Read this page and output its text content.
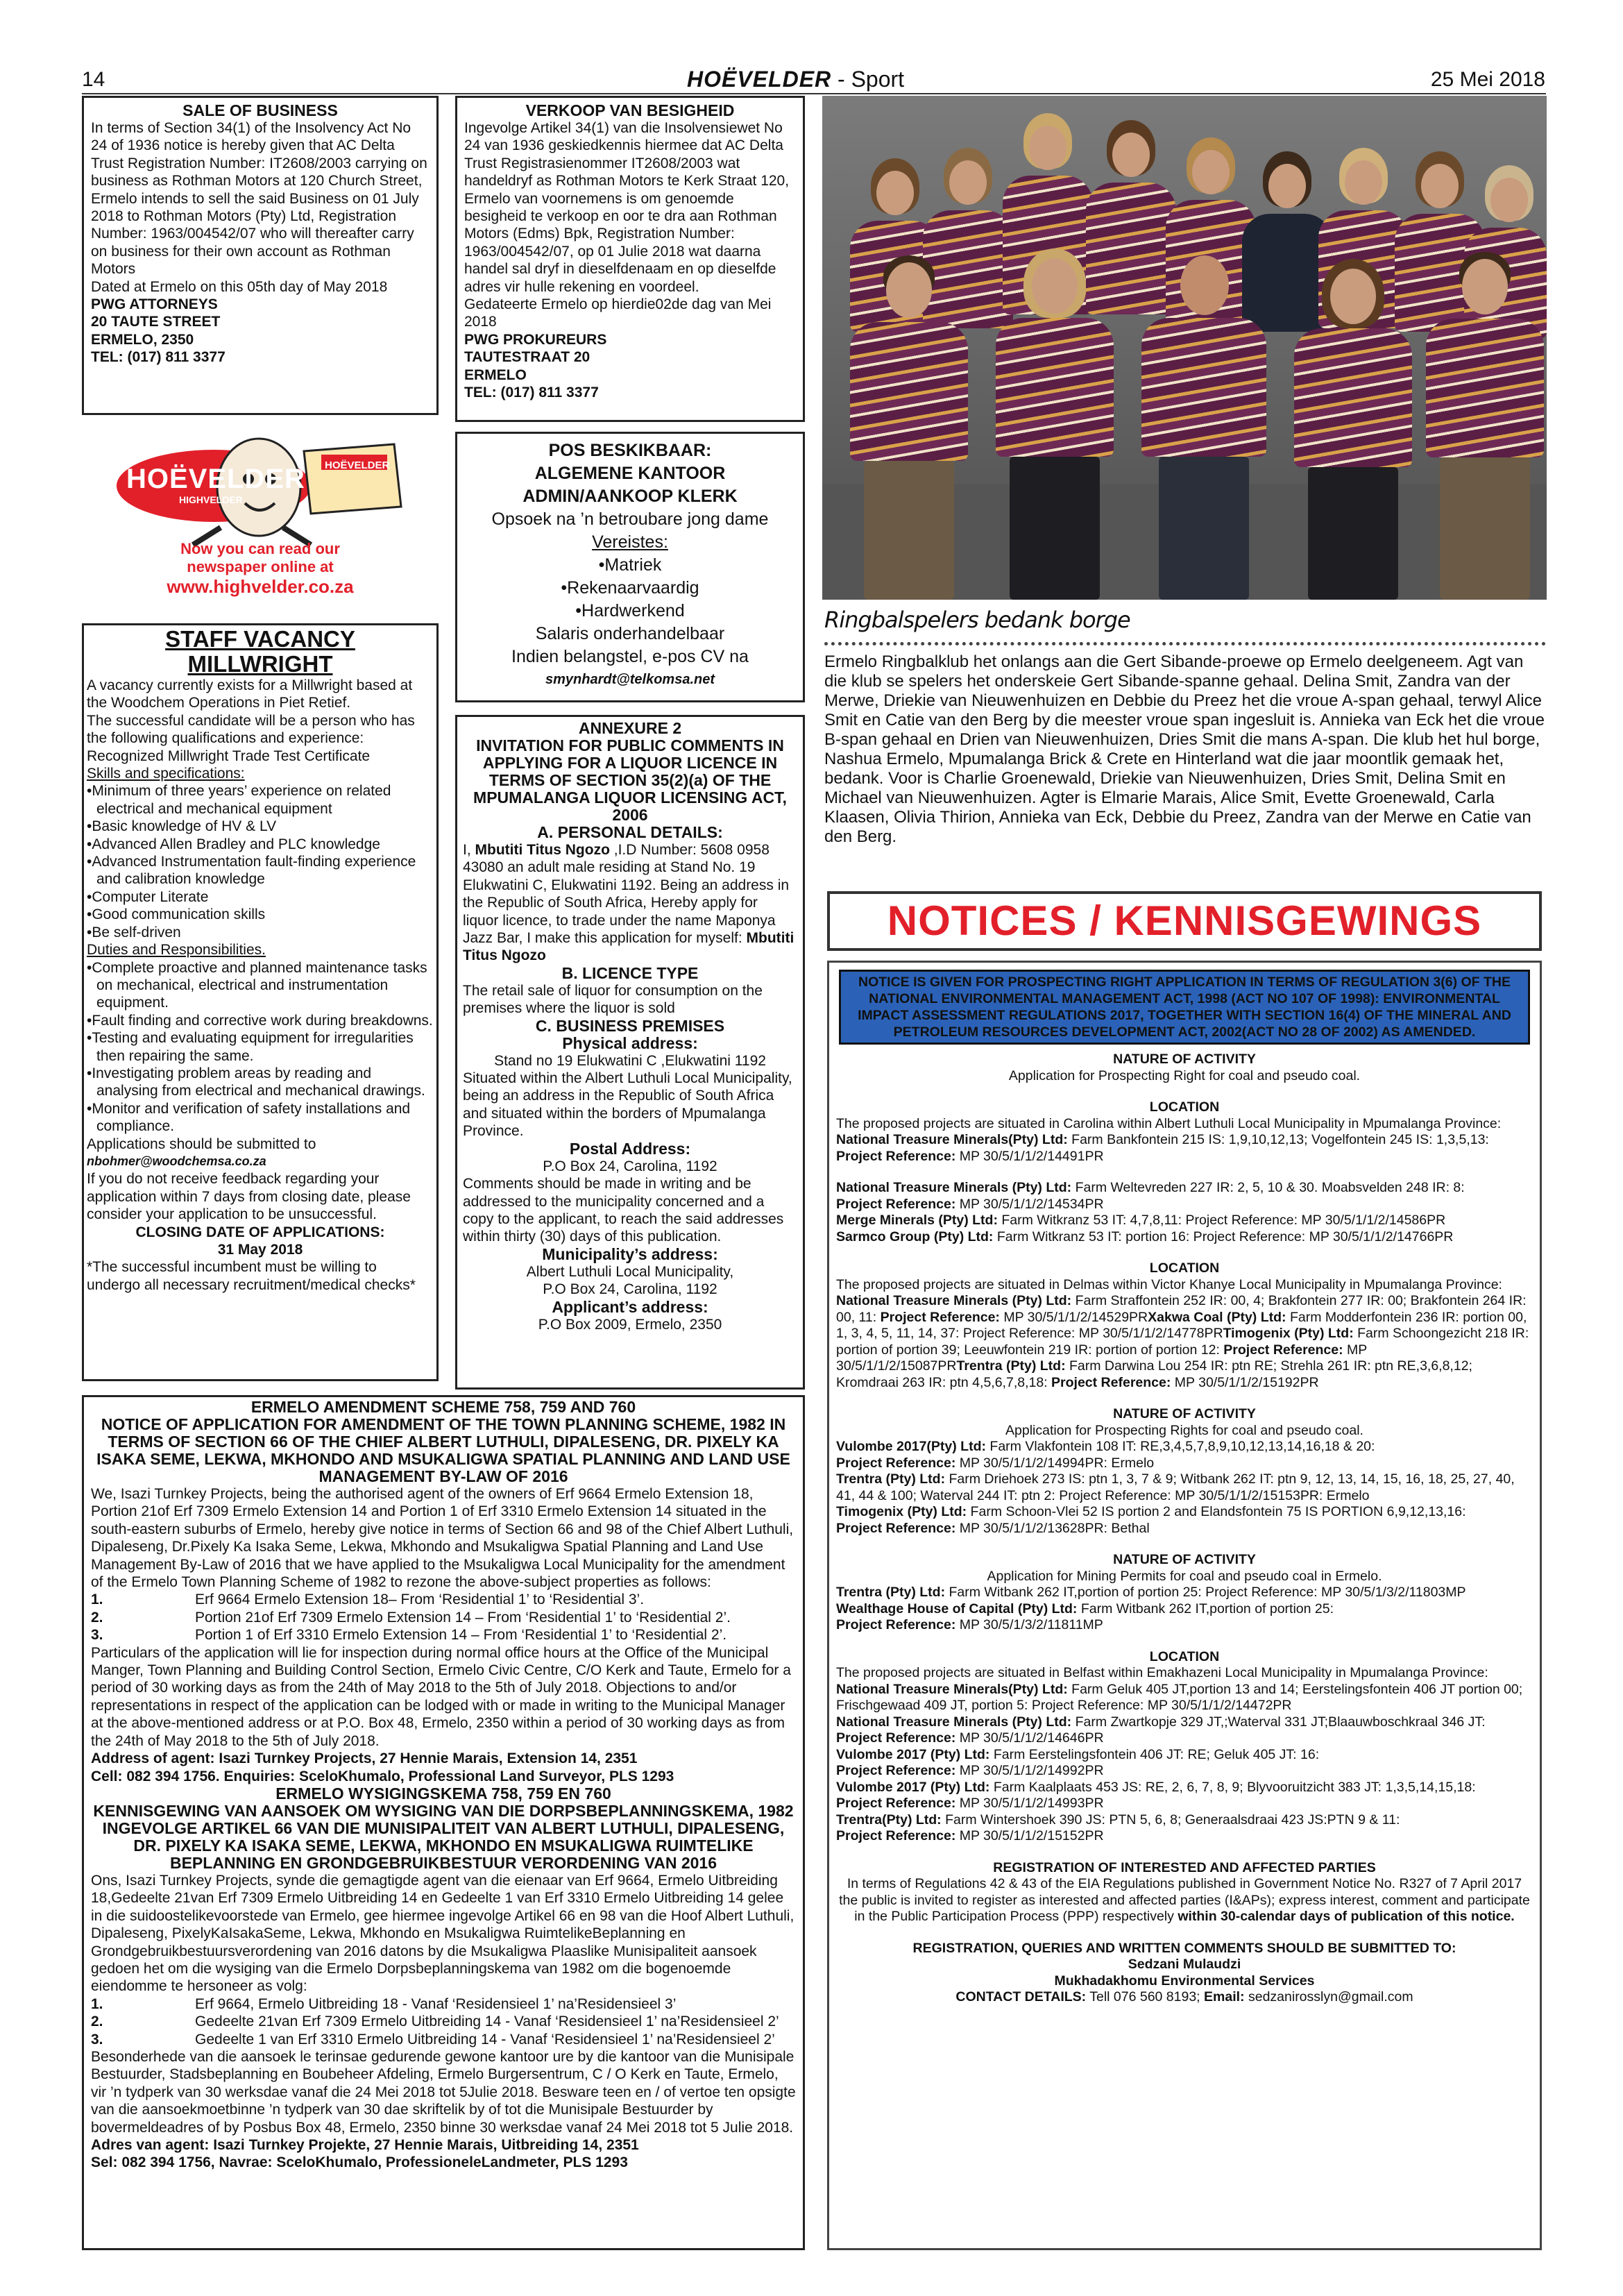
14	HOËVELDER - Sport	25 Mei 2018

SALE OF BUSINESS

In terms of Section 34(1) of the Insolvency Act No 24 of 1936 notice is hereby given that AC Delta Trust Registration Number: IT2608/2003 carrying on business as Rothman Motors at 120 Church Street, Ermelo intends to sell the said Business on 01 July 2018 to Rothman Motors (Pty) Ltd, Registration Number: 1963/004542/07 who will thereafter carry on business for their own account as Rothman Motors

Dated at Ermelo on this 05th day of May 2018

PWG ATTORNEYS

20 TAUTE STREET

ERMELO, 2350

TEL: (017) 811 3377

VERKOOP VAN BESIGHEID

Ingevolge Artikel 34(1) van die Insolvensiewet No 24 van 1936 geskiedkennis hiermee dat AC Delta Trust Registrasienommer IT2608/2003 wat handeldryf as Rothman Motors te Kerk Straat 120, Ermelo van voornemens is om genoemde besigheid te verkoop en oor te dra aan Rothman Motors (Edms) Bpk, Registration Number: 1963/004542/07, op 01 Julie 2018 wat daarna handel sal dryf in dieselfdenaam en op dieselfde adres vir hulle rekening en voordeel.

Gedateerte Ermelo op hierdie02de dag van Mei 2018

PWG PROKUREURS

TAUTESTRAAT 20

ERMELO

TEL: (017) 811 3377

HOËVELDER
HIGHVELDER
HOËVELDER
Now you can read our
newspaper online at
www.highvelder.co.za

POS BESKIKBAAR:

ALGEMENE KANTOOR

ADMIN/AANKOOP KLERK

Opsoek na ’n betroubare jong dame

Vereistes:

•Matriek

•Rekenaarvaardig

•Hardwerkend

Salaris onderhandelbaar

Indien belangstel, e-pos CV na

smynhardt@telkomsa.net

STAFF VACANCY

MILLWRIGHT

A vacancy currently exists for a Millwright based at the Woodchem Operations in Piet Retief.

The successful candidate will be a person who has the following qualifications and experience: Recognized Millwright Trade Test Certificate

Skills and specifications:

•Minimum of three years’ experience on related electrical and mechanical equipment

•Basic knowledge of HV & LV

•Advanced Allen Bradley and PLC knowledge

•Advanced Instrumentation fault-finding experience and calibration knowledge

•Computer Literate

•Good communication skills

•Be self-driven

Duties and Responsibilities.

•Complete proactive and planned maintenance tasks on mechanical, electrical and instrumentation equipment.

•Fault finding and corrective work during breakdowns.

•Testing and evaluating equipment for irregularities then repairing the same.

•Investigating problem areas by reading and analysing from electrical and mechanical drawings.

•Monitor and verification of safety installations and compliance.

Applications should be submitted to

nbohmer@woodchemsa.co.za

If you do not receive feedback regarding your application within 7 days from closing date, please consider your application to be unsuccessful.

CLOSING DATE OF APPLICATIONS:

31 May 2018

*The successful incumbent must be willing to undergo all necessary recruitment/medical checks*

ANNEXURE 2

INVITATION FOR PUBLIC COMMENTS IN APPLYING FOR A LIQUOR LICENCE IN TERMS OF SECTION 35(2)(a) OF THE MPUMALANGA LIQUOR LICENSING ACT, 2006

A. PERSONAL DETAILS:

I, Mbutiti Titus Ngozo ,I.D Number: 5608 0958 43080 an adult male residing at Stand No. 19 Elukwatini C, Elukwatini 1192. Being an address in the Republic of South Africa, Hereby apply for liquor licence, to trade under the name Maponya Jazz Bar, I make this application for myself: Mbutiti Titus Ngozo

B. LICENCE TYPE

The retail sale of liquor for consumption on the premises where the liquor is sold

C. BUSINESS PREMISES

Physical address:

Stand no 19 Elukwatini C ,Elukwatini 1192

Situated within the Albert Luthuli Local Municipality, being an address in the Republic of South Africa and situated within the borders of Mpumalanga Province.

Postal Address:

P.O Box 24, Carolina, 1192

Comments should be made in writing and be addressed to the municipality concerned and a copy to the applicant, to reach the said addresses within thirty (30) days of this publication.

Municipality’s address:

Albert Luthuli Local Municipality,

P.O Box 24, Carolina, 1192

Applicant’s address:

P.O Box 2009, Ermelo, 2350

ERMELO AMENDMENT SCHEME 758, 759 AND 760

NOTICE OF APPLICATION FOR AMENDMENT OF THE TOWN PLANNING SCHEME, 1982 IN TERMS OF SECTION 66 OF THE CHIEF ALBERT LUTHULI, DIPALESENG, DR. PIXELY KA ISAKA SEME, LEKWA, MKHONDO AND MSUKALIGWA SPATIAL PLANNING AND LAND USE MANAGEMENT BY-LAW OF 2016

We, Isazi Turnkey Projects, being the authorised agent of the owners of Erf 9664 Ermelo Extension 18, Portion 21of Erf 7309 Ermelo Extension 14 and Portion 1 of Erf 3310 Ermelo Extension 14 situated in the south-eastern suburbs of Ermelo, hereby give notice in terms of Section 66 and 98 of the Chief Albert Luthuli, Dipaleseng, Dr.Pixely Ka Isaka Seme, Lekwa, Mkhondo and Msukaligwa Spatial Planning and Land Use Management By-Law of 2016 that we have applied to the Msukaligwa Local Municipality for the amendment of the Ermelo Town Planning Scheme of 1982 to rezone the above-subject properties as follows:

1.	Erf 9664 Ermelo Extension 18– From ‘Residential 1’ to ‘Residential 3’.

2.	Portion 21of Erf 7309 Ermelo Extension 14 – From ‘Residential 1’ to ‘Residential 2’.

3.	Portion 1 of Erf 3310 Ermelo Extension 14 – From ‘Residential 1’ to ‘Residential 2’.

Particulars of the application will lie for inspection during normal office hours at the Office of the Municipal Manger, Town Planning and Building Control Section, Ermelo Civic Centre, C/O Kerk and Taute, Ermelo for a period of 30 working days as from the 24th of May 2018 to the 5th of July 2018. Objections to and/or representations in respect of the application can be lodged with or made in writing to the Municipal Manager at the above-mentioned address or at P.O. Box 48, Ermelo, 2350 within a period of 30 working days as from the 24th of May 2018 to the 5th of July 2018.

Address of agent: Isazi Turnkey Projects, 27 Hennie Marais, Extension 14, 2351

Cell: 082 394 1756. Enquiries: SceloKhumalo, Professional Land Surveyor, PLS 1293

ERMELO WYSIGINGSKEMA 758, 759 EN 760

KENNISGEWING VAN AANSOEK OM WYSIGING VAN DIE DORPSBEPLANNINGSKEMA, 1982 INGEVOLGE ARTIKEL 66 VAN DIE MUNISIPALITEIT VAN ALBERT LUTHULI, DIPALESENG, DR. PIXELY KA ISAKA SEME, LEKWA, MKHONDO EN MSUKALIGWA RUIMTELIKE BEPLANNING EN GRONDGEBRUIKBESTUUR VERORDENING VAN 2016

Ons, Isazi Turnkey Projects, synde die gemagtigde agent van die eienaar van Erf 9664, Ermelo Uitbreiding 18,Gedeelte 21van Erf 7309 Ermelo Uitbreiding 14 en Gedeelte 1 van Erf 3310 Ermelo Uitbreiding 14 gelee in die suidoostelikevoorstede van Ermelo, gee hiermee ingevolge Artikel 66 en 98 van die Hoof Albert Luthuli, Dipaleseng, PixelyKaIsakaSeme, Lekwa, Mkhondo en Msukaligwa RuimtelikeBeplanning en Grondgebruikbestuursverordening van 2016 datons by die Msukaligwa Plaaslike Munisipaliteit aansoek gedoen het om die wysiging van die Ermelo Dorpsbeplanningskema van 1982 om die bogenoemde eiendomme te hersoneer as volg:

1.	Erf 9664, Ermelo Uitbreiding 18 - Vanaf ‘Residensieel 1’ na’Residensieel 3’

2.	Gedeelte 21van Erf 7309 Ermelo Uitbreiding 14 - Vanaf ‘Residensieel 1’ na’Residensieel 2’

3.	Gedeelte 1 van Erf 3310 Ermelo Uitbreiding 14 - Vanaf ‘Residensieel 1’ na’Residensieel 2’

Besonderhede van die aansoek le terinsae gedurende gewone kantoor ure by die kantoor van die Munisipale Bestuurder, Stadsbeplanning en Boubeheer Afdeling, Ermelo Burgersentrum, C / O Kerk en Taute, Ermelo, vir ’n tydperk van 30 werksdae vanaf die 24 Mei 2018 tot 5Julie 2018. Besware teen en / of vertoe ten opsigte van die aansoekmoetbinne ’n tydperk van 30 dae skriftelik by of tot die Munisipale Bestuurder by bovermeldeadres of by Posbus Box 48, Ermelo, 2350 binne 30 werksdae vanaf 24 Mei 2018 tot 5 Julie 2018.

Adres van agent: Isazi Turnkey Projekte, 27 Hennie Marais, Uitbreiding 14, 2351

Sel: 082 394 1756, Navrae: SceloKhumalo, ProfessioneleLandmeter, PLS 1293

Ringbalspelers bedank borge
Ermelo Ringbalklub het onlangs aan die Gert Sibande-proewe op Ermelo deelgeneem. Agt van die klub se spelers het onderskeie Gert Sibande-spanne gehaal. Delina Smit, Zandra van der Merwe, Driekie van Nieuwenhuizen en Debbie du Preez het die vroue A-span gehaal, terwyl Alice Smit en Catie van den Berg by die meester vroue span ingesluit is. Annieka van Eck het die vroue B-span gehaal en Drien van Nieuwenhuizen, Dries Smit die mans A-span. Die klub het hul borge, Nashua Ermelo, Mpumalanga Brick & Crete en Hinterland wat die jaar moontlik gemaak het, bedank. Voor is Charlie Groenewald, Driekie van Nieuwenhuizen, Dries Smit, Delina Smit en Michael van Nieuwenhuizen. Agter is Elmarie Marais, Alice Smit, Evette Groenewald, Carla Klaasen, Olivia Thirion, Annieka van Eck, Debbie du Preez, Zandra van der Merwe en Catie van den Berg.
NOTICES / KENNISGEWINGS
NOTICE IS GIVEN FOR PROSPECTING RIGHT APPLICATION IN TERMS OF REGULATION 3(6) OF THE NATIONAL ENVIRONMENTAL MANAGEMENT ACT, 1998 (ACT NO 107 OF 1998): ENVIRONMENTAL IMPACT ASSESSMENT REGULATIONS 2017, TOGETHER WITH SECTION 16(4) OF THE MINERAL AND PETROLEUM RESOURCES DEVELOPMENT ACT, 2002(ACT NO 28 OF 2002) AS AMENDED.

NATURE OF ACTIVITY

Application for Prospecting Right for coal and pseudo coal.

LOCATION

The proposed projects are situated in Carolina within Albert Luthuli Local Municipality in Mpumalanga Province: National Treasure Minerals(Pty) Ltd: Farm Bankfontein 215 IS: 1,9,10,12,13; Vogelfontein 245 IS: 1,3,5,13: Project Reference: MP 30/5/1/1/2/14491PR

National Treasure Minerals (Pty) Ltd: Farm Weltevreden 227 IR: 2, 5, 10 & 30. Moabsvelden 248 IR: 8:

Project Reference: MP 30/5/1/1/2/14534PR

Merge Minerals (Pty) Ltd: Farm Witkranz 53 IT: 4,7,8,11: Project Reference: MP 30/5/1/1/2/14586PR

Sarmco Group (Pty) Ltd: Farm Witkranz 53 IT: portion 16: Project Reference: MP 30/5/1/1/2/14766PR

LOCATION

The proposed projects are situated in Delmas within Victor Khanye Local Municipality in Mpumalanga Province: National Treasure Minerals (Pty) Ltd: Farm Straffontein 252 IR: 00, 4; Brakfontein 277 IR: 00; Brakfontein 264 IR: 00, 11: Project Reference: MP 30/5/1/1/2/14529PRXakwa Coal (Pty) Ltd: Farm Modderfontein 236 IR: portion 00, 1, 3, 4, 5, 11, 14, 37: Project Reference: MP 30/5/1/1/2/14778PRTimogenix (Pty) Ltd: Farm Schoongezicht 218 IR: portion of portion 39; Leeuwfontein 219 IR: portion of portion 12: Project Reference: MP 30/5/1/1/2/15087PRTrentra (Pty) Ltd: Farm Darwina Lou 254 IR: ptn RE; Strehla 261 IR: ptn RE,3,6,8,12; Kromdraai 263 IR: ptn 4,5,6,7,8,18: Project Reference: MP 30/5/1/1/2/15192PR

NATURE OF ACTIVITY

Application for Prospecting Rights for coal and pseudo coal.

Vulombe 2017(Pty) Ltd: Farm Vlakfontein 108 IT: RE,3,4,5,7,8,9,10,12,13,14,16,18 & 20:

Project Reference: MP 30/5/1/1/2/14994PR: Ermelo

Trentra (Pty) Ltd: Farm Driehoek 273 IS: ptn 1, 3, 7 & 9; Witbank 262 IT: ptn 9, 12, 13, 14, 15, 16, 18, 25, 27, 40, 41, 44 & 100; Waterval 244 IT: ptn 2: Project Reference: MP 30/5/1/1/2/15153PR: Ermelo

Timogenix (Pty) Ltd: Farm Schoon-Vlei 52 IS portion 2 and Elandsfontein 75 IS PORTION 6,9,12,13,16:

Project Reference: MP 30/5/1/1/2/13628PR: Bethal

NATURE OF ACTIVITY

Application for Mining Permits for coal and pseudo coal in Ermelo.

Trentra (Pty) Ltd: Farm Witbank 262 IT,portion of portion 25: Project Reference: MP 30/5/1/3/2/11803MP

Wealthage House of Capital (Pty) Ltd: Farm Witbank 262 IT,portion of portion 25:

Project Reference: MP 30/5/1/3/2/11811MP

LOCATION

The proposed projects are situated in Belfast within Emakhazeni Local Municipality in Mpumalanga Province:

National Treasure Minerals(Pty) Ltd: Farm Geluk 405 JT,portion 13 and 14; Eerstelingsfontein 406 JT portion 00; Frischgewaad 409 JT, portion 5: Project Reference: MP 30/5/1/1/2/14472PR

National Treasure Minerals (Pty) Ltd: Farm Zwartkopje 329 JT,;Waterval 331 JT;Blaauwboschkraal 346 JT:

Project Reference: MP 30/5/1/1/2/14646PR

Vulombe 2017 (Pty) Ltd: Farm Eerstelingsfontein 406 JT: RE; Geluk 405 JT: 16:

Project Reference: MP 30/5/1/1/2/14992PR

Vulombe 2017 (Pty) Ltd: Farm Kaalplaats 453 JS: RE, 2, 6, 7, 8, 9; Blyvooruitzicht 383 JT: 1,3,5,14,15,18:

Project Reference: MP 30/5/1/1/2/14993PR

Trentra(Pty) Ltd: Farm Wintershoek 390 JS: PTN 5, 6, 8; Generaalsdraai 423 JS:PTN 9 & 11:

Project Reference: MP 30/5/1/1/2/15152PR

REGISTRATION OF INTERESTED AND AFFECTED PARTIES

In terms of Regulations 42 & 43 of the EIA Regulations published in Government Notice No. R327 of 7 April 2017 the public is invited to register as interested and affected parties (I&APs); express interest, comment and participate in the Public Participation Process (PPP) respectively within 30-calendar days of publication of this notice.

REGISTRATION, QUERIES AND WRITTEN COMMENTS SHOULD BE SUBMITTED TO:

Sedzani Mulaudzi

Mukhadakhomu Environmental Services

CONTACT DETAILS: Tell 076 560 8193; Email: sedzanirosslyn@gmail.com
